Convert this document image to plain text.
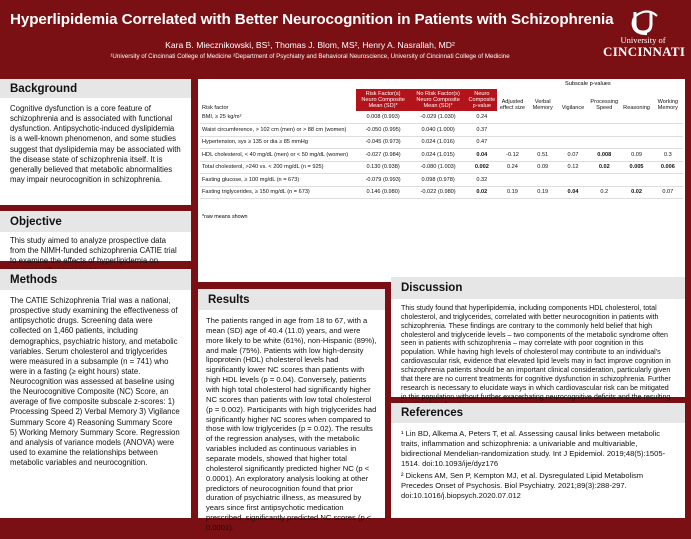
Hyperlipidemia Correlated with Better Neurocognition in Patients with Schizophrenia
Kara B. Miecznikowski, BS¹, Thomas J. Blom, MS², Henry A. Nasrallah, MD²
¹University of Cincinnati College of Medicine ²Department of Psychiatry and Behavioral Neuroscience, University of Cincinnati College of Medicine
University of
CINCINNATI
Background
Cognitive dysfunction is a core feature of schizophrenia and is associated with functional dysfunction. Antipsychotic-induced dyslipidemia is a well-known phenomenon, and some studies suggest that dyslipidemia may be associated with the disease state of schizophrenia itself. It is generally believed that metabolic abnormalities may impair neurocognition in schizophrenia.
Objective
This study aimed to analyze prospective data from the NIMH-funded schizophrenia CATIE trial to examine the effects of hyperlipidemia on
Methods
The CATIE Schizophrenia Trial was a national, prospective study examining the effectiveness of antipsychotic drugs. Screening data were collected on 1,460 patients, including demographics, psychiatric history, and metabolic variables. Serum cholesterol and triglycerides were measured in a subsample (n = 741) who were in a fasting (≥ eight hours) state. Neurocognition was assessed at baseline using the Neurocognitive Composite (NC) Score, an average of five composite subscale z-scores: 1) Processing Speed 2) Verbal Memory 3) Vigilance Summary Score 4) Reasoning Summary Score 5) Working Memory Summary Score. Regression and analysis of variance models (ANOVA) were used to examine the relationships between metabolic variables and neurocognition.
Subscale p-values
Risk factor	Risk Factor(s) Neuro Composite Mean (SD)*	No Risk Factor(s) Neuro Composite Mean (SD)*	Neuro Composite p-value	Adjusted effect size	Verbal Memory	Vigilance	Processing Speed	Reasoning	Working Memory
BMI, ≥ 25 kg/m²	0.008 (0.993)	-0.029 (1.030)	0.24						
Waist circumference, > 102 cm (men) or > 88 cm (women)	-0.050 (0.995)	0.040 (1.000)	0.37						
Hypertension, sys ≥ 135 or dia ≥ 85 mmHg	-0.045 (0.973)	0.024 (1.016)	0.47						
HDL cholesterol, < 40 mg/dL (men) or < 50 mg/dL (women)	-0.027 (0.984)	0.024 (1.015)	0.04	-0.12	0.51	0.07	0.008	0.09	0.3
Total cholesterol, >240 vs. < 200 mg/dL (n = 925)	0.130 (0.938)	-0.080 (1.003)	0.002	0.24	0.09	0.12	0.02	0.005	0.006
Fasting glucose, ≥ 100 mg/dL (n = 673)	-0.079 (0.993)	0.098 (0.978)	0.32						
Fasting triglycerides, ≥ 150 mg/dL (n = 673)	0.146 (0.980)	-0.022 (0.980)	0.02	0.19	0.19	0.04	0.2	0.02	0.07
*raw means shown
Results
The patients ranged in age from 18 to 67, with a mean (SD) age of 40.4 (11.0) years, and were more likely to be white (61%), non-Hispanic (89%), and male (75%). Patients with low high-density lipoprotein (HDL) cholesterol levels had significantly lower NC scores than patients with high HDL levels (p = 0.04). Conversely, patients with high total cholesterol had significantly higher NC scores than patients with low total cholesterol (p = 0.002). Participants with high triglycerides had significantly higher NC scores when compared to those with low triglycerides (p = 0.02). The results of the regression analyses, with the metabolic variables included as continuous variables in separate models, showed that higher total cholesterol significantly predicted higher NC (p < 0.0001). An exploratory analysis looking at other predictors of neurocognition found that prior duration of psychiatric illness, as measured by years since first antipsychotic medication prescribed, significantly predicted NC scores (p < 0.0001).
Discussion
This study found that hyperlipidemia, including components HDL cholesterol, total cholesterol, and triglycerides, correlated with better neurocognition in patients with schizophrenia. These findings are contrary to the commonly held belief that high cholesterol and triglyceride levels – two components of the metabolic syndrome often seen in patients with schizophrenia – may correlate with poor cognition in this population. While having high levels of cholesterol may contribute to an individual's cardiovascular risk, evidence that elevated lipid levels may in fact improve cognition in schizophrenia patients should be an important clinical consideration, particularly given that there are no current treatments for cognitive dysfunction in schizophrenia. Further research is necessary to elucidate ways in which cardiovascular risk can be mitigated in this population without further exacerbating neurocognitive deficits and the resulting
References
¹ Lin BD, Alkema A, Peters T, et al. Assessing causal links between metabolic traits, inflammation and schizophrenia: a univariable and multivariable, bidirectional Mendelian-randomization study. Int J Epidemiol. 2019;48(5):1505-1514. doi:10.1093/ije/dyz176
² Dickens AM, Sen P, Kempton MJ, et al. Dysregulated Lipid Metabolism Precedes Onset of Psychosis. Biol Psychiatry. 2021;89(3):288-297. doi:10.1016/j.biopsych.2020.07.012
